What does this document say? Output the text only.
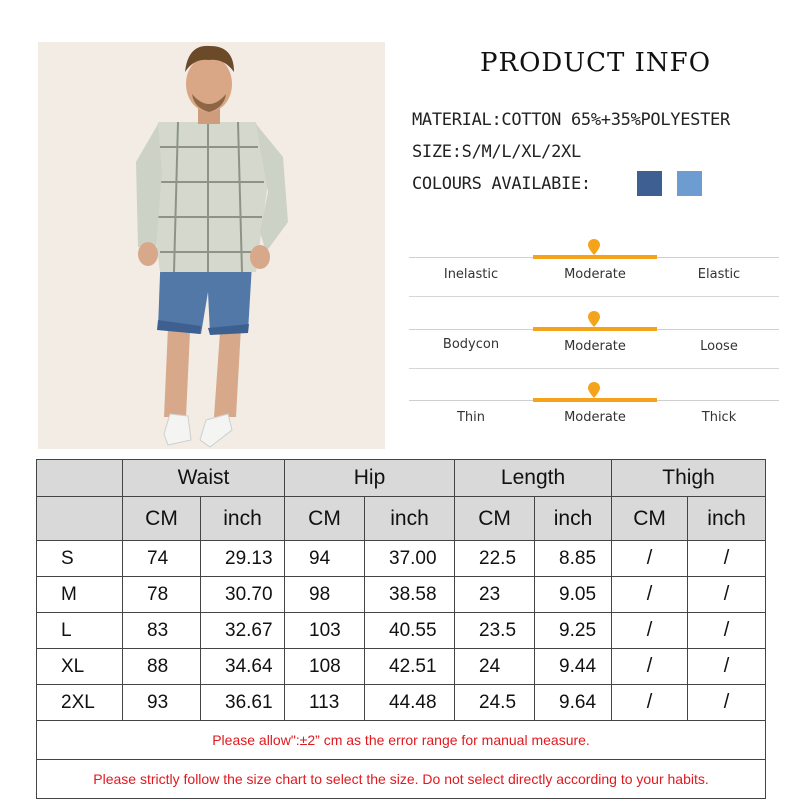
PRODUCT INFO
MATERIAL:COTTON 65%+35%POLYESTER
SIZE:S/M/L/XL/2XL
COLOURS AVAILABIE:
Inelastic	Moderate	Elastic
Bodycon	Moderate	Loose
Thin	Moderate	Thick
	Waist		Hip		Length		Thigh	
	CM	inch	CM	inch	CM	inch	CM	inch
S	74	29.13	94	37.00	22.5	8.85	/	/
M	78	30.70	98	38.58	23	9.05	/	/
L	83	32.67	103	40.55	23.5	9.25	/	/
XL	88	34.64	108	42.51	24	9.44	/	/
2XL	93	36.61	113	44.48	24.5	9.64	/	/
Please allow":±2” cm as the error range for manual measure.								
Please strictly follow the size chart to select the size. Do not select directly according to your habits.								
